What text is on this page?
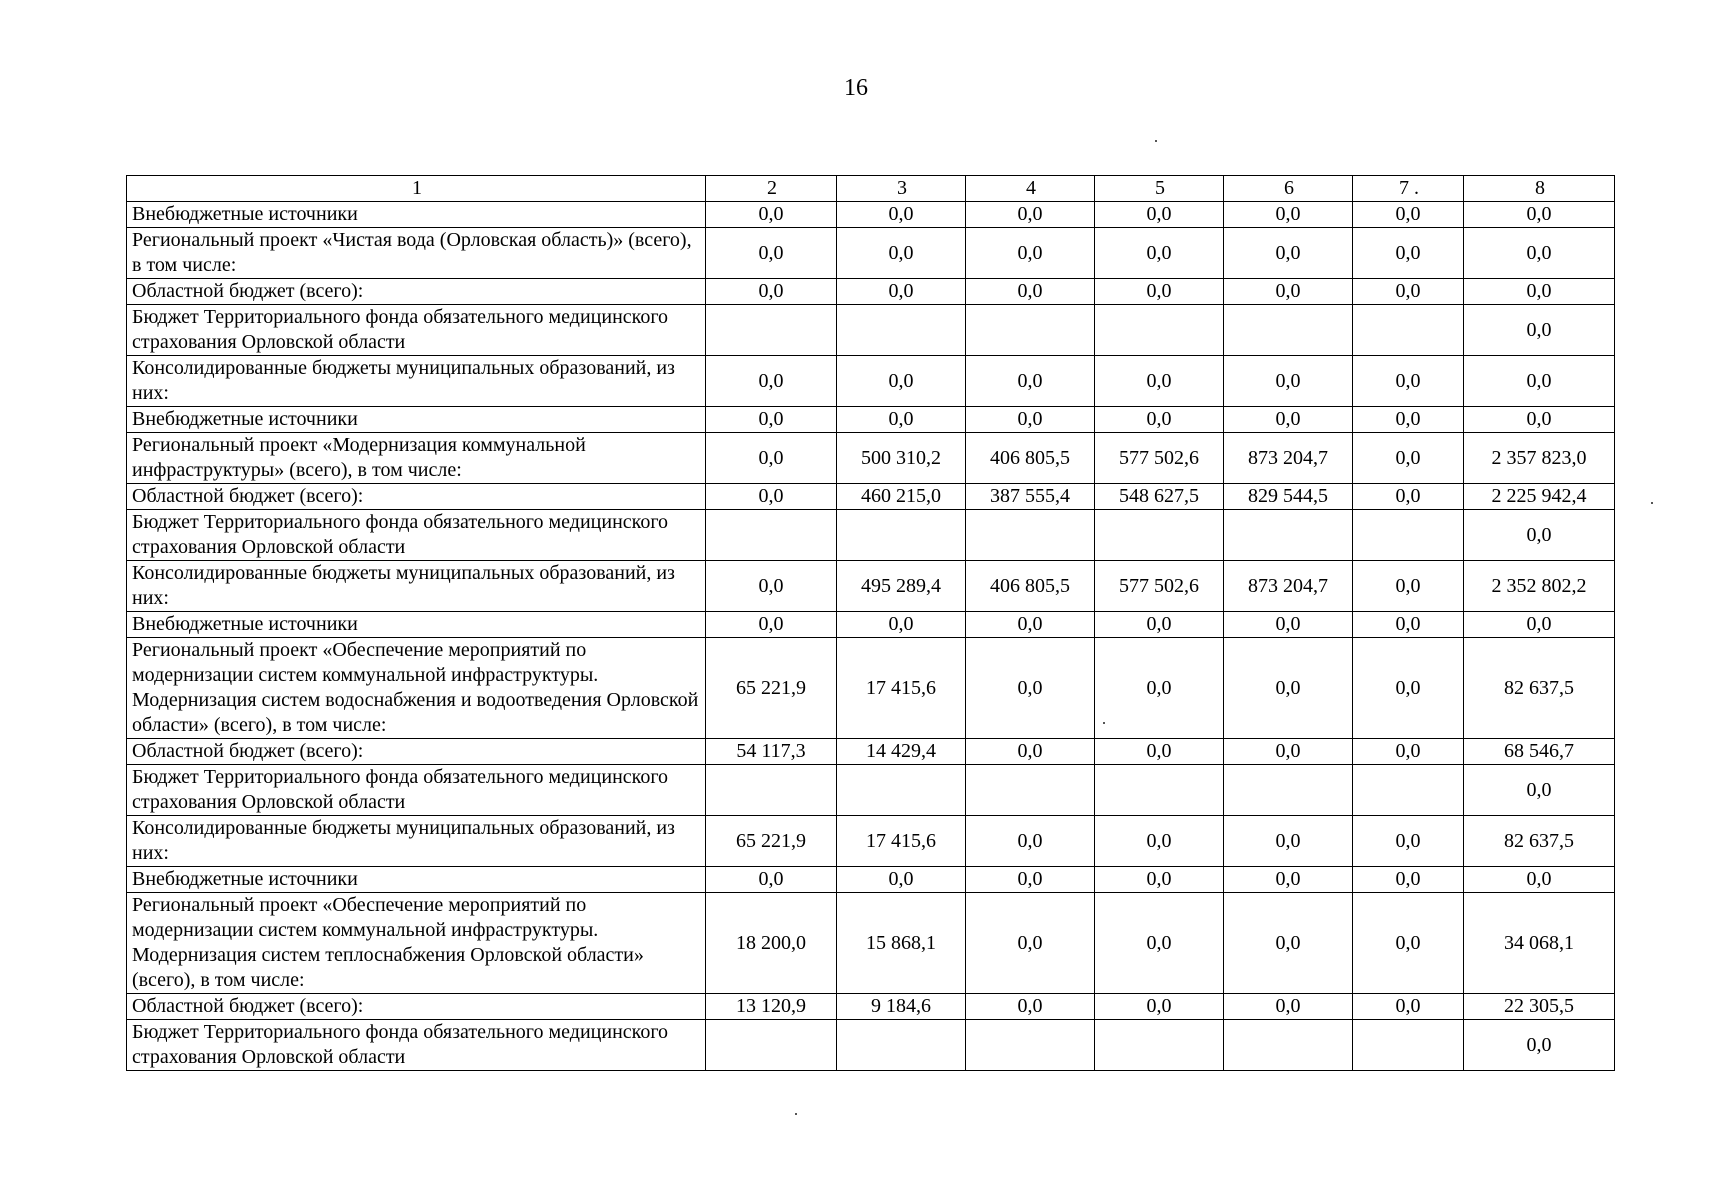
16
1	2	3	4	5	6	7 .	8
Внебюджетные источники	0,0	0,0	0,0	0,0	0,0	0,0	0,0
Региональный проект «Чистая вода (Орловская область)» (всего), в том числе:	0,0	0,0	0,0	0,0	0,0	0,0	0,0
Областной бюджет (всего):	0,0	0,0	0,0	0,0	0,0	0,0	0,0
Бюджет Территориального фонда обязательного медицинского страхования Орловской области							0,0
Консолидированные бюджеты муниципальных образований, из них:	0,0	0,0	0,0	0,0	0,0	0,0	0,0
Внебюджетные источники	0,0	0,0	0,0	0,0	0,0	0,0	0,0
Региональный проект «Модернизация коммунальной инфраструктуры» (всего), в том числе:	0,0	500 310,2	406 805,5	577 502,6	873 204,7	0,0	2 357 823,0
Областной бюджет (всего):	0,0	460 215,0	387 555,4	548 627,5	829 544,5	0,0	2 225 942,4
Бюджет Территориального фонда обязательного медицинского страхования Орловской области							0,0
Консолидированные бюджеты муниципальных образований, из них:	0,0	495 289,4	406 805,5	577 502,6	873 204,7	0,0	2 352 802,2
Внебюджетные источники	0,0	0,0	0,0	0,0	0,0	0,0	0,0
Региональный проект «Обеспечение мероприятий по модернизации систем коммунальной инфраструктуры. Модернизация систем водоснабжения и водоотведения Орловской области» (всего), в том числе:	65 221,9	17 415,6	0,0	0,0	0,0	0,0	82 637,5
Областной бюджет (всего):	54 117,3	14 429,4	0,0	0,0	0,0	0,0	68 546,7
Бюджет Территориального фонда обязательного медицинского страхования Орловской области							0,0
Консолидированные бюджеты муниципальных образований, из них:	65 221,9	17 415,6	0,0	0,0	0,0	0,0	82 637,5
Внебюджетные источники	0,0	0,0	0,0	0,0	0,0	0,0	0,0
Региональный проект «Обеспечение мероприятий по модернизации систем коммунальной инфраструктуры. Модернизация систем теплоснабжения Орловской области» (всего), в том числе:	18 200,0	15 868,1	0,0	0,0	0,0	0,0	34 068,1
Областной бюджет (всего):	13 120,9	9 184,6	0,0	0,0	0,0	0,0	22 305,5
Бюджет Территориального фонда обязательного медицинского страхования Орловской области							0,0
